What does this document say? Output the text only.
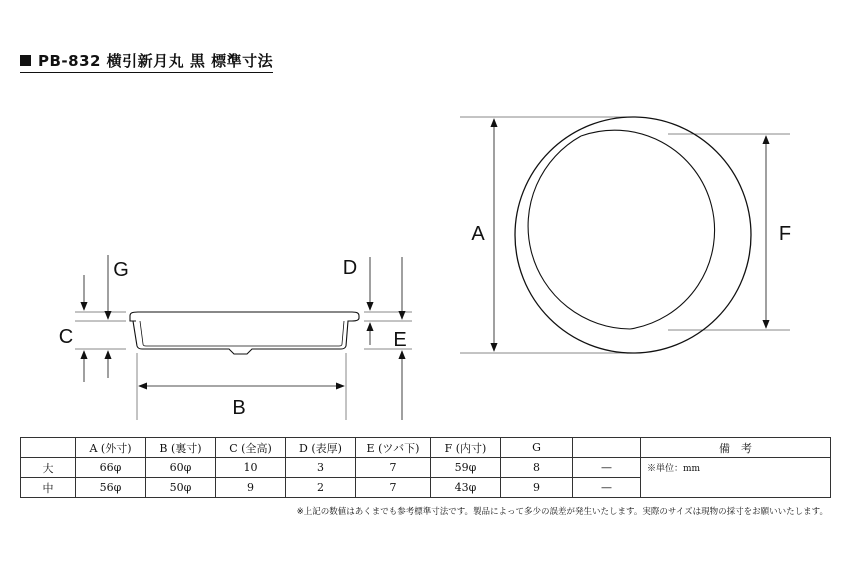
PB-832 横引新月丸 黒 標準寸法
G
C
D
E
B
A	F
	A (外寸)	B (裏寸)	C (全高)	D (表厚)	E (ツバ下)	F (内寸)	G		備　考
大	66φ	60φ	10	3	7	59φ	8	—	※単位：mm
中	56φ	50φ	9	2	7	43φ	9	—	
※上記の数値はあくまでも参考標準寸法です。製品によって多少の誤差が発生いたします。実際のサイズは現物の採寸をお願いいたします。
